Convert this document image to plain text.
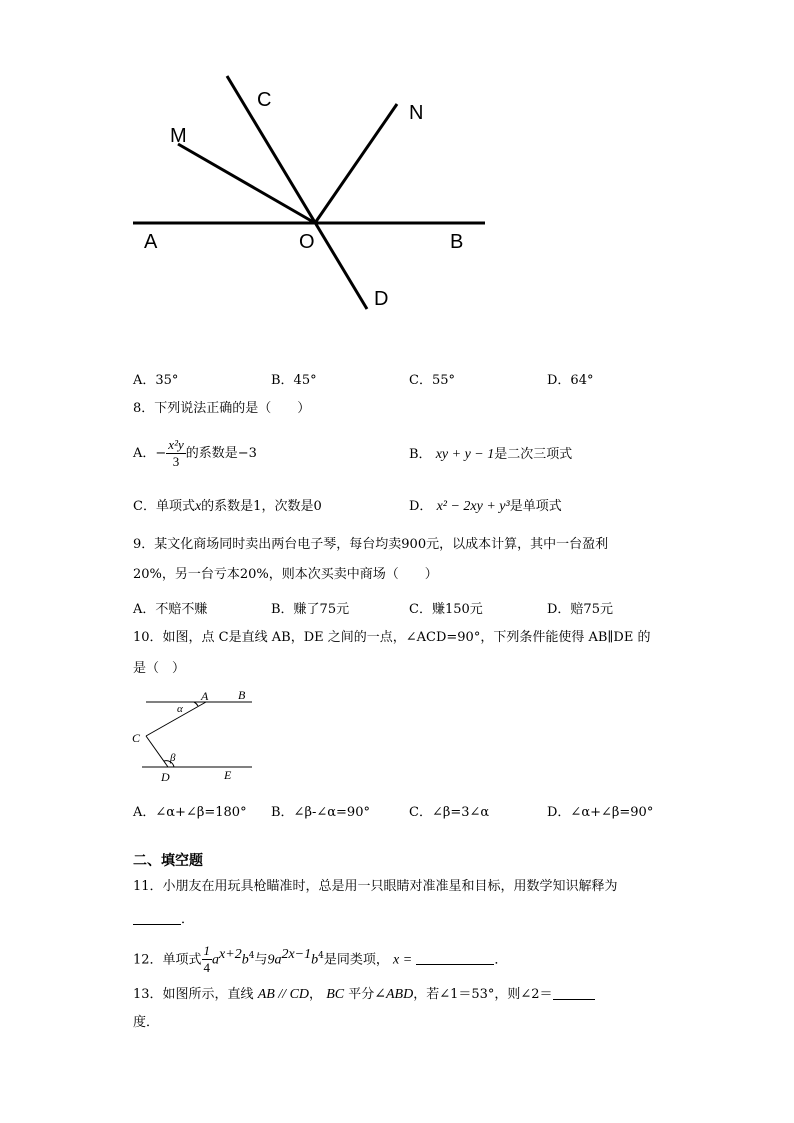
A	O	B
C
M
N
D
A．35°	B．45°	C．55°	D．64°
8．下列说法正确的是（　　）
A．− $\frac{\text{x²y}}{3}$ 的系数是−3	B． xy + y − 1是二次三项式
C．单项式x的系数是1，次数是0	D． x² − 2xy + y³是单项式
9．某文化商场同时卖出两台电子琴，每台均卖900元，以成本计算，其中一台盈利
20%，另一台亏本20%，则本次买卖中商场（　　）
A．不赔不赚	B．赚了75元	C．赚150元	D．赔75元
10．如图，点 C是直线 AB，DE 之间的一点，∠ACD=90°，下列条件能使得 AB∥DE 的
是（　）
A B
C
D	E
α
β
A．∠α+∠β=180° B．∠β-∠α=90°	C．∠β=3∠α	D．∠α+∠β=90°
二、填空题
11．小朋友在用玩具枪瞄准时，总是用一只眼睛对准准星和目标，用数学知识解释为
．
12．单项式 $\frac{1}{4} a^{x+2}b^4$与$9a^{2x-1}b^4$是同类项， x =	．
13．如图所示，直线 AB // CD， BC 平分∠ABD，若∠1＝53°，则∠2＝
度．
